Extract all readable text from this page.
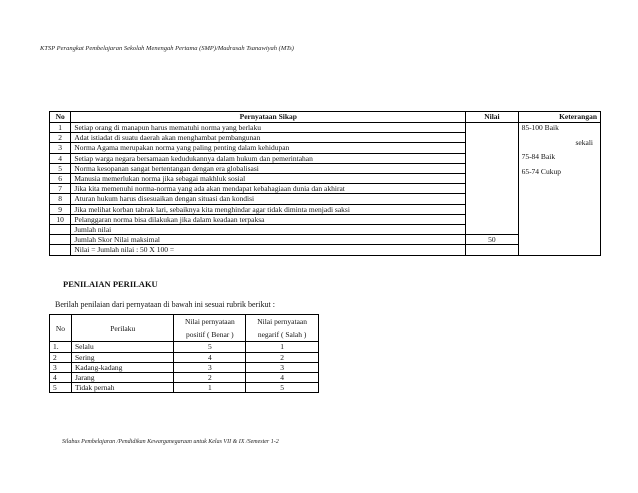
KTSP Perangkat Pembelajaran Sekolah Menengah Pertama (SMP)/Madrasah Tsanawiyah (MTs)
No	Pernyataan Sikap	Nilai	Keterangan
1	Setiap orang di manapun harus mematuhi norma yang berlaku		85-100 Baik
sekali
75-84 Baik
65-74 Cukup

2	Adat istiadat di suatu daerah akan menghambat pembangunan		
3	Norma Agama merupakan norma yang paling penting dalam kehidupan		
4	Setiap warga negara bersamaan kedudukannya dalam hukum dan pemerintahan		
5	Norma kesopanan sangat bertentangan dengan era globalisasi		
6	Manusia memerlukan norma jika sebagai makhluk sosial		
7	Jika kita memenuhi norma-norma yang ada akan mendapat kebahagiaan dunia dan akhirat		
8	Aturan hukum harus disesuaikan dengan situasi dan kondisi		
9	Jika melihat korban tabrak lari, sebaiknya kita menghindar agar tidak diminta menjadi saksi		
10	Pelanggaran norma bisa dilakukan jika dalam keadaan terpaksa		
	Jumlah nilai		
	Jumlah Skor Nilai maksimal	50	
	Nilai = Jumlah nilai : 50 X 100 =		
PENILAIAN PERILAKU
Berilah penilaian dari pernyataan di bawah ini sesuai rubrik berikut :
No	Perilaku	Nilai pernyataan	Nilai pernyataan
		positif ( Benar )	negarif ( Salah )
1.	Selalu	5	1
2	Sering	4	2
3	Kadang-kadang	3	3
4	Jarang	2	4
5	Tidak pernah	1	5
Silabus Pembelajaran /Pendidikan Kewarganegaraan untuk Kelas VII & IX /Semester 1-2
